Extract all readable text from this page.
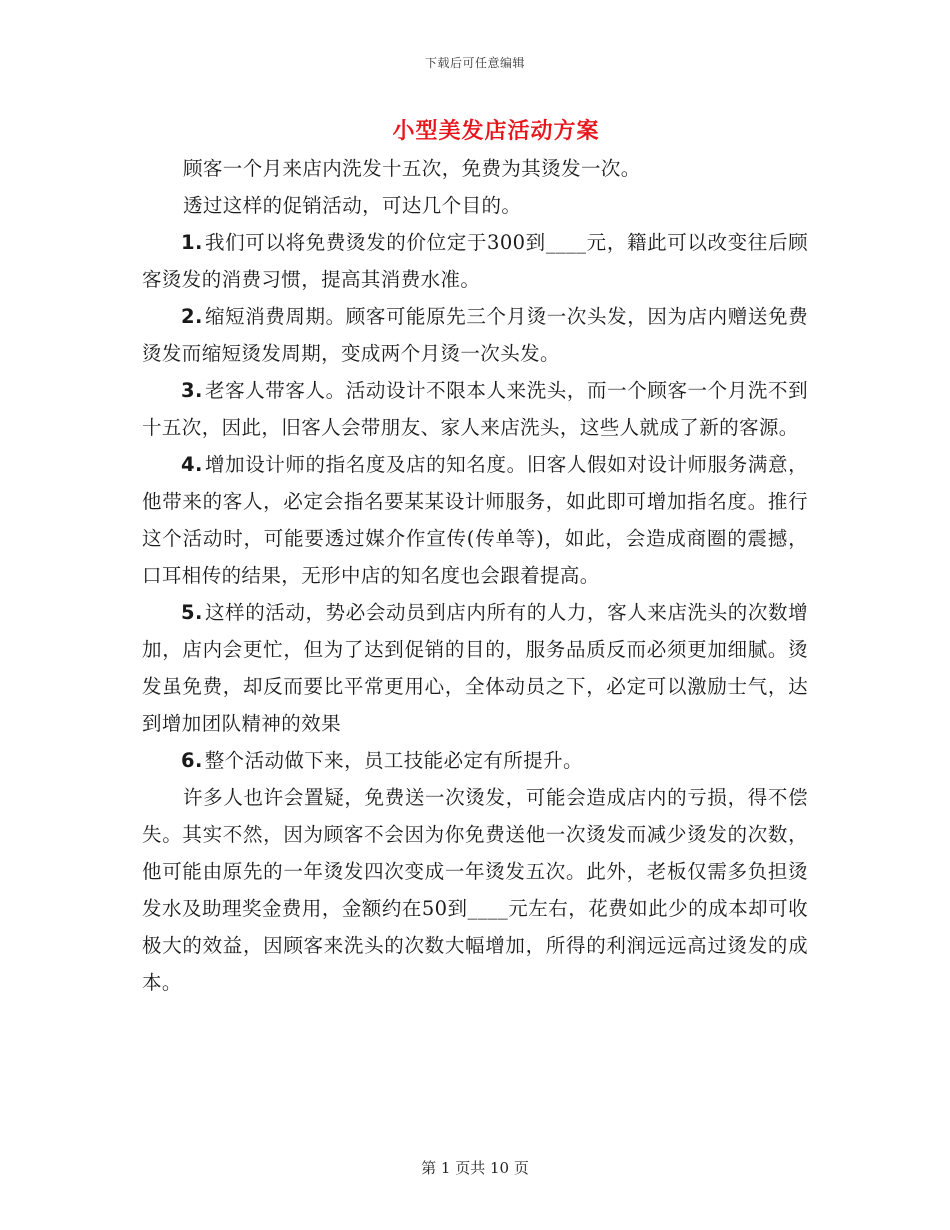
下载后可任意编辑
小型美发店活动方案

顾客一个月来店内洗发十五次，免费为其烫发一次。

透过这样的促销活动，可达几个目的。

1. 我们可以将免费烫发的价位定于300到____元，籍此可以改变往后顾客烫发的消费习惯，提高其消费水准。

2. 缩短消费周期。顾客可能原先三个月烫一次头发，因为店内赠送免费烫发而缩短烫发周期，变成两个月烫一次头发。

3. 老客人带客人。活动设计不限本人来洗头，而一个顾客一个月洗不到十五次，因此，旧客人会带朋友、家人来店洗头，这些人就成了新的客源。

4. 增加设计师的指名度及店的知名度。旧客人假如对设计师服务满意，他带来的客人，必定会指名要某某设计师服务，如此即可增加指名度。推行这个活动时，可能要透过媒介作宣传(传单等)，如此，会造成商圈的震撼，口耳相传的结果，无形中店的知名度也会跟着提高。

5. 这样的活动，势必会动员到店内所有的人力，客人来店洗头的次数增加，店内会更忙，但为了达到促销的目的，服务品质反而必须更加细腻。烫发虽免费，却反而要比平常更用心，全体动员之下，必定可以激励士气，达到增加团队精神的效果

6. 整个活动做下来，员工技能必定有所提升。

许多人也许会置疑，免费送一次烫发，可能会造成店内的亏损，得不偿失。其实不然，因为顾客不会因为你免费送他一次烫发而减少烫发的次数，他可能由原先的一年烫发四次变成一年烫发五次。此外，老板仅需多负担烫发水及助理奖金费用，金额约在50到____元左右，花费如此少的成本却可收极大的效益，因顾客来洗头的次数大幅增加，所得的利润远远高过烫发的成本。

第 1 页共 10 页
